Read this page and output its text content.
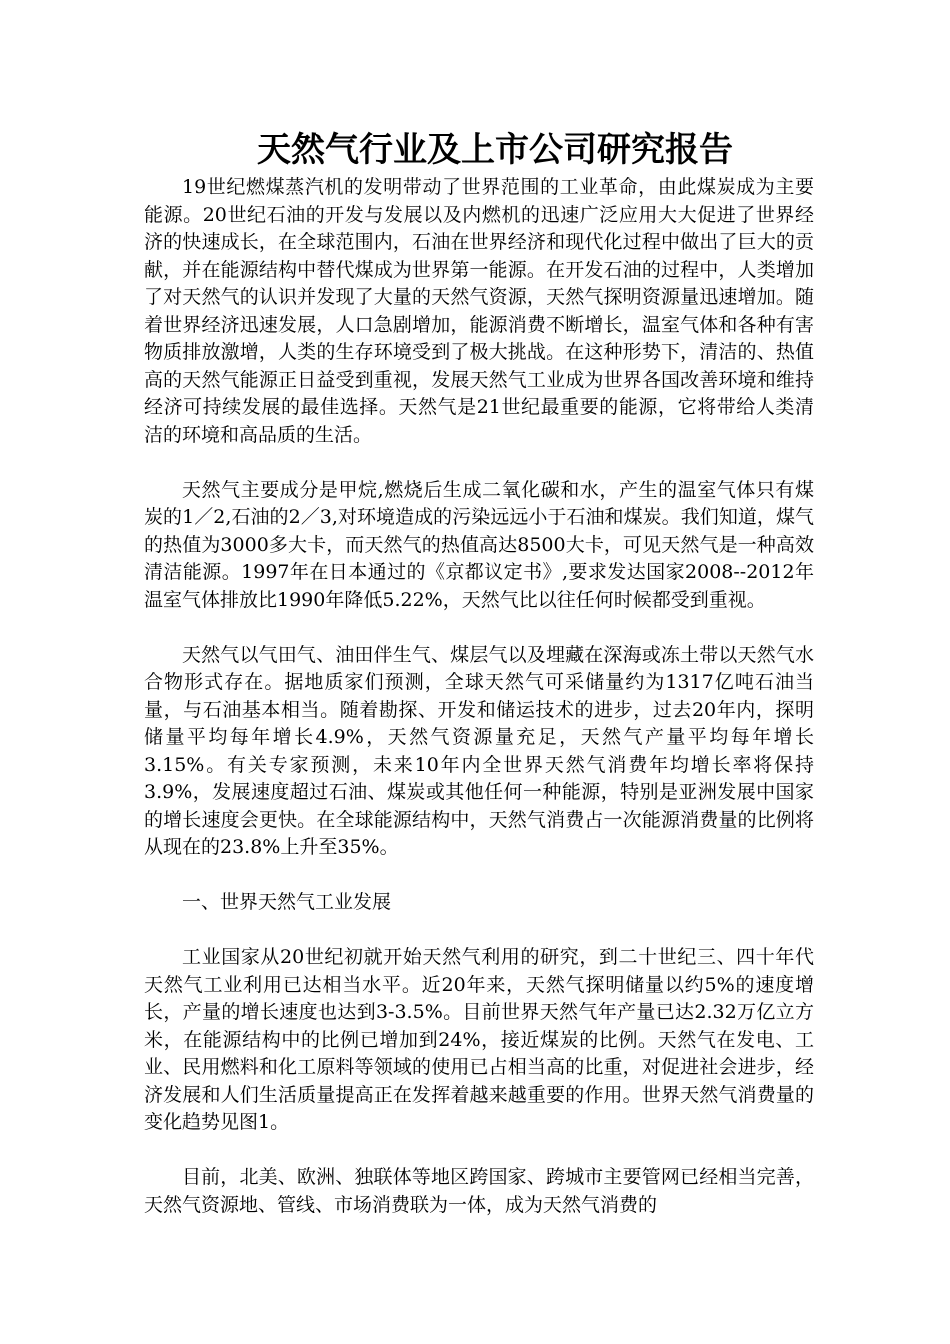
天然气行业及上市公司研究报告

19世纪燃煤蒸汽机的发明带动了世界范围的工业革命，由此煤炭成为主要能源。20世纪石油的开发与发展以及内燃机的迅速广泛应用大大促进了世界经济的快速成长，在全球范围内，石油在世界经济和现代化过程中做出了巨大的贡献，并在能源结构中替代煤成为世界第一能源。在开发石油的过程中，人类增加了对天然气的认识并发现了大量的天然气资源，天然气探明资源量迅速增加。随着世界经济迅速发展，人口急剧增加，能源消费不断增长，温室气体和各种有害物质排放激增，人类的生存环境受到了极大挑战。在这种形势下，清洁的、热值高的天然气能源正日益受到重视，发展天然气工业成为世界各国改善环境和维持经济可持续发展的最佳选择。天然气是21世纪最重要的能源，它将带给人类清洁的环境和高品质的生活。

天然气主要成分是甲烷,燃烧后生成二氧化碳和水，产生的温室气体只有煤炭的1／2,石油的2／3,对环境造成的污染远远小于石油和煤炭。我们知道，煤气的热值为3000多大卡，而天然气的热值高达8500大卡，可见天然气是一种高效清洁能源。1997年在日本通过的《京都议定书》,要求发达国家2008--2012年温室气体排放比1990年降低5.22%，天然气比以往任何时候都受到重视。

天然气以气田气、油田伴生气、煤层气以及埋藏在深海或冻土带以天然气水合物形式存在。据地质家们预测，全球天然气可采储量约为1317亿吨石油当量，与石油基本相当。随着勘探、开发和储运技术的进步，过去20年内，探明储量平均每年增长4.9%，天然气资源量充足，天然气产量平均每年增长3.15%。有关专家预测，未来10年内全世界天然气消费年均增长率将保持3.9%，发展速度超过石油、煤炭或其他任何一种能源，特别是亚洲发展中国家的增长速度会更快。在全球能源结构中，天然气消费占一次能源消费量的比例将从现在的23.8%上升至35%。

一、世界天然气工业发展

工业国家从20世纪初就开始天然气利用的研究，到二十世纪三、四十年代天然气工业利用已达相当水平。近20年来，天然气探明储量以约5%的速度增长，产量的增长速度也达到3-3.5%。目前世界天然气年产量已达2.32万亿立方米，在能源结构中的比例已增加到24%，接近煤炭的比例。天然气在发电、工业、民用燃料和化工原料等领域的使用已占相当高的比重，对促进社会进步，经济发展和人们生活质量提高正在发挥着越来越重要的作用。世界天然气消费量的变化趋势见图1。

目前，北美、欧洲、独联体等地区跨国家、跨城市主要管网已经相当完善，天然气资源地、管线、市场消费联为一体，成为天然气消费的
